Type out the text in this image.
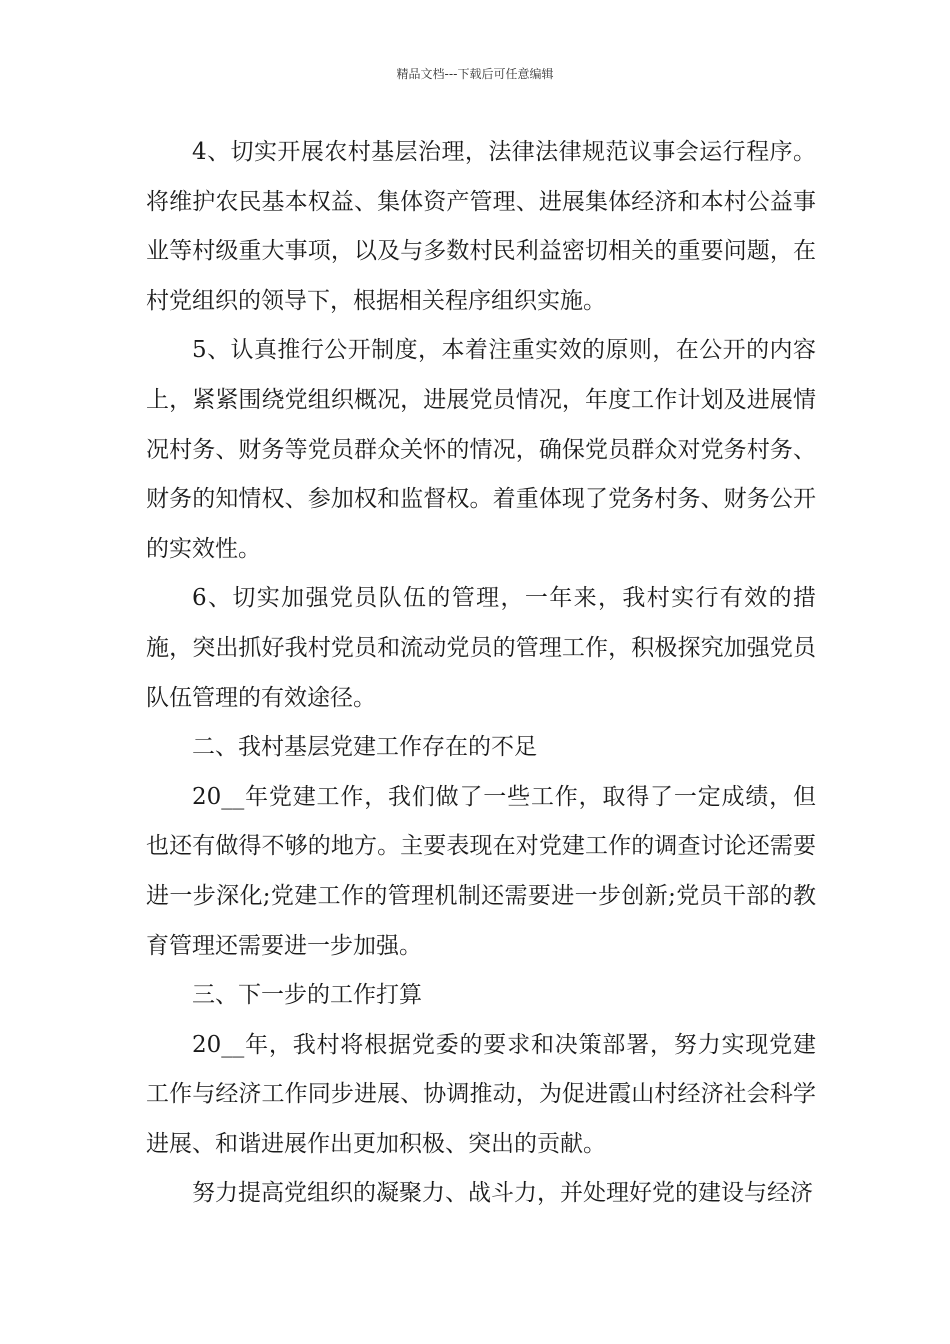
精品文档---下载后可任意编辑

4、切实开展农村基层治理，法律法律规范议事会运行程序。将维护农民基本权益、集体资产管理、进展集体经济和本村公益事业等村级重大事项，以及与多数村民利益密切相关的重要问题，在村党组织的领导下，根据相关程序组织实施。

5、认真推行公开制度，本着注重实效的原则，在公开的内容上，紧紧围绕党组织概况，进展党员情况，年度工作计划及进展情况村务、财务等党员群众关怀的情况，确保党员群众对党务村务、财务的知情权、参加权和监督权。着重体现了党务村务、财务公开的实效性。

6、切实加强党员队伍的管理，一年来，我村实行有效的措施，突出抓好我村党员和流动党员的管理工作，积极探究加强党员队伍管理的有效途径。

二、我村基层党建工作存在的不足

20__年党建工作，我们做了一些工作，取得了一定成绩，但也还有做得不够的地方。主要表现在对党建工作的调查讨论还需要进一步深化;党建工作的管理机制还需要进一步创新;党员干部的教育管理还需要进一步加强。

三、下一步的工作打算

20__年，我村将根据党委的要求和决策部署，努力实现党建工作与经济工作同步进展、协调推动，为促进霞山村经济社会科学进展、和谐进展作出更加积极、突出的贡献。

努力提高党组织的凝聚力、战斗力，并处理好党的建设与经济
